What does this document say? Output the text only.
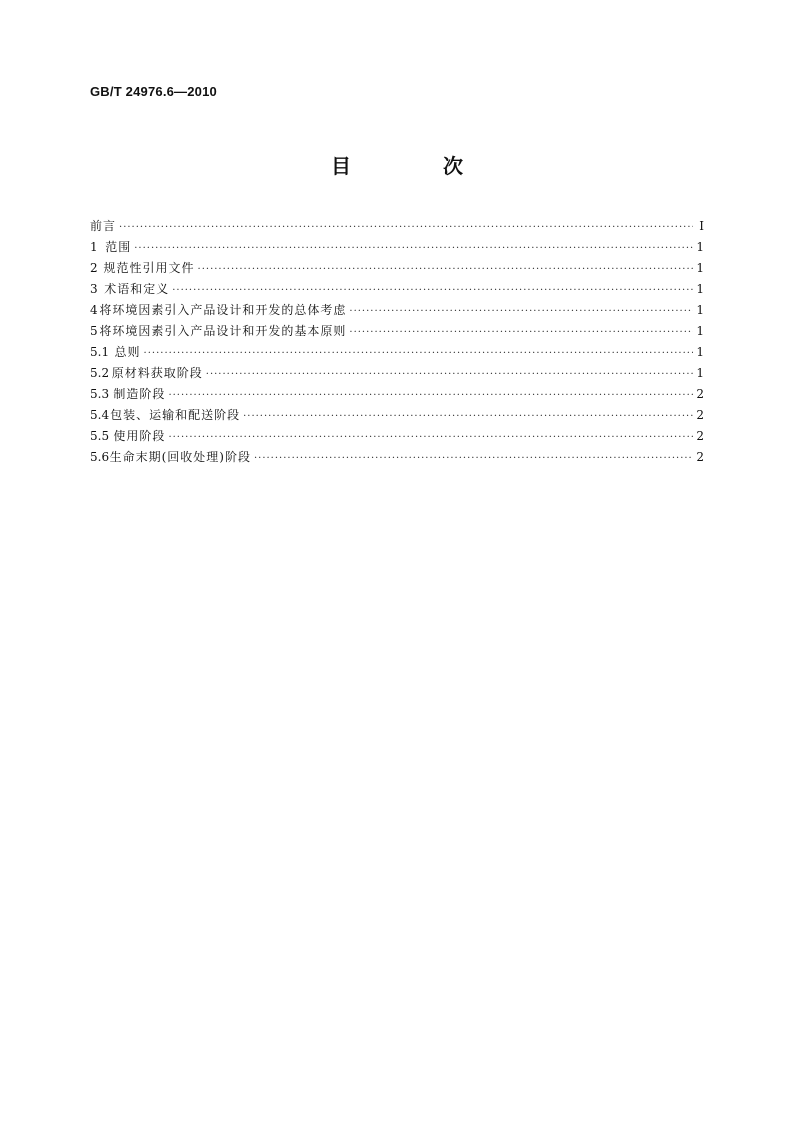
GB/T 24976.6—2010
目　次
前言 ·····	Ⅰ
1 范围 ·····	1
2 规范性引用文件 ·····	1
3 术语和定义 ·····	1
4 将环境因素引入产品设计和开发的总体考虑 ·····	1
5 将环境因素引入产品设计和开发的基本原则 ·····	1
5.1 总则 ·····	1
5.2 原材料获取阶段 ·····	1
5.3 制造阶段 ·····	2
5.4 包装、运输和配送阶段 ·····	2
5.5 使用阶段 ·····	2
5.6 生命末期(回收处理)阶段 ·····	2
